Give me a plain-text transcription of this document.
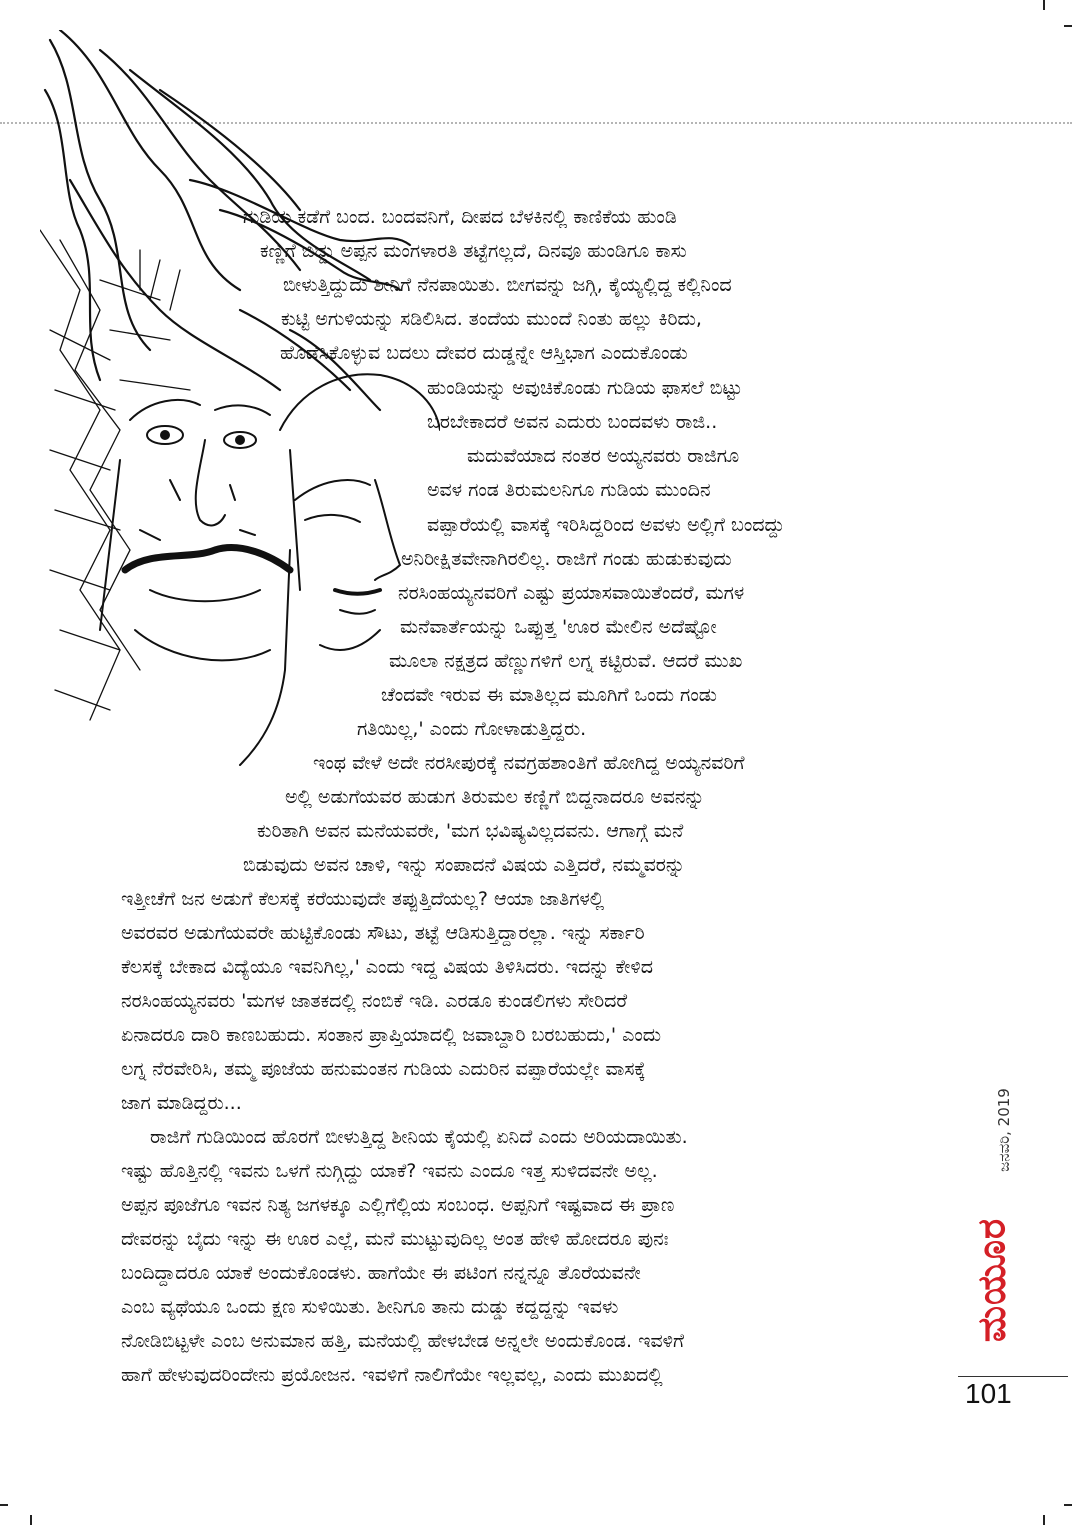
ಗುಡಿಯ ಕಡೆಗೆ ಬಂದ. ಬಂದವನಿಗೆ, ದೀಪದ ಬೆಳಕಿನಲ್ಲಿ ಕಾಣಿಕೆಯ ಹುಂಡಿ
ಕಣ್ಣಿಗೆ ಬಿದ್ದು ಅಪ್ಪನ ಮಂಗಳಾರತಿ ತಟ್ಟೆಗಲ್ಲದೆ, ದಿನವೂ ಹುಂಡಿಗೂ ಕಾಸು
ಬೀಳುತ್ತಿದ್ದುದು ಶೀನಿಗೆ ನೆನಪಾಯಿತು. ಬೀಗವನ್ನು ಜಗ್ಗಿ, ಕೈಯ್ಯಲ್ಲಿದ್ದ ಕಲ್ಲಿನಿಂದ
ಕುಟ್ಟಿ ಅಗುಳಿಯನ್ನು ಸಡಿಲಿಸಿದ. ತಂದೆಯ ಮುಂದೆ ನಿಂತು ಹಲ್ಲು ಕಿರಿದು,
ಹೊಡೆಸಿಕೊಳ್ಳುವ ಬದಲು ದೇವರ ದುಡ್ಡನ್ನೇ ಆಸ್ತಿಭಾಗ ಎಂದುಕೊಂಡು
ಹುಂಡಿಯನ್ನು ಅವುಚಿಕೊಂಡು ಗುಡಿಯ ಫಾಸಲೆ ಬಿಟ್ಟು
ಬರಬೇಕಾದರೆ ಅವನ ಎದುರು ಬಂದವಳು ರಾಜಿ..
ಮದುವೆಯಾದ ನಂತರ ಅಯ್ಯನವರು ರಾಜಿಗೂ
ಅವಳ ಗಂಡ ತಿರುಮಲನಿಗೂ ಗುಡಿಯ ಮುಂದಿನ
ವಪ್ಪಾರೆಯಲ್ಲಿ ವಾಸಕ್ಕೆ ಇರಿಸಿದ್ದರಿಂದ ಅವಳು ಅಲ್ಲಿಗೆ ಬಂದದ್ದು
ಅನಿರೀಕ್ಷಿತವೇನಾಗಿರಲಿಲ್ಲ. ರಾಜಿಗೆ ಗಂಡು ಹುಡುಕುವುದು
ನರಸಿಂಹಯ್ಯನವರಿಗೆ ಎಷ್ಟು ಪ್ರಯಾಸವಾಯಿತೆಂದರೆ, ಮಗಳ
ಮನೆವಾರ್ತೆಯನ್ನು ಒಪ್ಪುತ್ತ 'ಊರ ಮೇಲಿನ ಅದೆಷ್ಟೋ
ಮೂಲಾ ನಕ್ಷತ್ರದ ಹೆಣ್ಣುಗಳಿಗೆ ಲಗ್ನ ಕಟ್ಟಿರುವೆ. ಆದರೆ ಮುಖ
ಚೆಂದವೇ ಇರುವ ಈ ಮಾತಿಲ್ಲದ ಮೂಗಿಗೆ ಒಂದು ಗಂಡು
ಗತಿಯಿಲ್ಲ,' ಎಂದು ಗೋಳಾಡುತ್ತಿದ್ದರು.
ಇಂಥ ವೇಳೆ ಅದೇ ನರಸೀಪುರಕ್ಕೆ ನವಗ್ರಹಶಾಂತಿಗೆ ಹೋಗಿದ್ದ ಅಯ್ಯನವರಿಗೆ
ಅಲ್ಲಿ ಅಡುಗೆಯವರ ಹುಡುಗ ತಿರುಮಲ ಕಣ್ಣಿಗೆ ಬಿದ್ದನಾದರೂ ಅವನನ್ನು
ಕುರಿತಾಗಿ ಅವನ ಮನೆಯವರೇ, 'ಮಗ ಭವಿಷ್ಯವಿಲ್ಲದವನು. ಆಗಾಗ್ಗೆ ಮನೆ
ಬಿಡುವುದು ಅವನ ಚಾಳಿ, ಇನ್ನು ಸಂಪಾದನೆ ವಿಷಯ ಎತ್ತಿದರೆ, ನಮ್ಮವರನ್ನು
ಇತ್ತೀಚೆಗೆ ಜನ ಅಡುಗೆ ಕೆಲಸಕ್ಕೆ ಕರೆಯುವುದೇ ತಪ್ಪುತ್ತಿದೆಯಲ್ಲ? ಆಯಾ ಜಾತಿಗಳಲ್ಲಿ
ಅವರವರ ಅಡುಗೆಯವರೇ ಹುಟ್ಟಿಕೊಂಡು ಸೌಟು, ತಟ್ಟೆ ಆಡಿಸುತ್ತಿದ್ದಾರಲ್ಲಾ. ಇನ್ನು ಸರ್ಕಾರಿ
ಕೆಲಸಕ್ಕೆ ಬೇಕಾದ ವಿದ್ಯೆಯೂ ಇವನಿಗಿಲ್ಲ,' ಎಂದು ಇದ್ದ ವಿಷಯ ತಿಳಿಸಿದರು. ಇದನ್ನು ಕೇಳಿದ
ನರಸಿಂಹಯ್ಯನವರು 'ಮಗಳ ಜಾತಕದಲ್ಲಿ ನಂಬಿಕೆ ಇಡಿ. ಎರಡೂ ಕುಂಡಲಿಗಳು ಸೇರಿದರೆ
ಏನಾದರೂ ದಾರಿ ಕಾಣಬಹುದು. ಸಂತಾನ ಪ್ರಾಪ್ತಿಯಾದಲ್ಲಿ ಜವಾಬ್ದಾರಿ ಬರಬಹುದು,' ಎಂದು
ಲಗ್ನ ನೆರವೇರಿಸಿ, ತಮ್ಮ ಪೂಜೆಯ ಹನುಮಂತನ ಗುಡಿಯ ಎದುರಿನ ವಪ್ಪಾರೆಯಲ್ಲೇ ವಾಸಕ್ಕೆ
ಜಾಗ ಮಾಡಿದ್ದರು...
ರಾಜಿಗೆ ಗುಡಿಯಿಂದ ಹೊರಗೆ ಬೀಳುತ್ತಿದ್ದ ಶೀನಿಯ ಕೈಯಲ್ಲಿ ಏನಿದೆ ಎಂದು ಅರಿಯದಾಯಿತು.
ಇಷ್ಟು ಹೊತ್ತಿನಲ್ಲಿ ಇವನು ಒಳಗೆ ನುಗ್ಗಿದ್ದು ಯಾಕೆ? ಇವನು ಎಂದೂ ಇತ್ತ ಸುಳಿದವನೇ ಅಲ್ಲ.
ಅಪ್ಪನ ಪೂಜೆಗೂ ಇವನ ನಿತ್ಯ ಜಗಳಕ್ಕೂ ಎಲ್ಲಿಗೆಲ್ಲಿಯ ಸಂಬಂಧ. ಅಪ್ಪನಿಗೆ ಇಷ್ಟವಾದ ಈ ಪ್ರಾಣ
ದೇವರನ್ನು ಬೈದು ಇನ್ನು ಈ ಊರ ಎಲ್ಲೆ, ಮನೆ ಮುಟ್ಟುವುದಿಲ್ಲ ಅಂತ ಹೇಳಿ ಹೋದರೂ ಪುನಃ
ಬಂದಿದ್ದಾದರೂ ಯಾಕೆ ಅಂದುಕೊಂಡಳು. ಹಾಗೆಯೇ ಈ ಪಟಿಂಗ ನನ್ನನ್ನೂ ತೊರೆಯವನೇ
ಎಂಬ ವ್ಯಥೆಯೂ ಒಂದು ಕ್ಷಣ ಸುಳಿಯಿತು. ಶೀನಿಗೂ ತಾನು ದುಡ್ಡು ಕದ್ದದ್ದನ್ನು ಇವಳು
ನೋಡಿಬಿಟ್ಟಳೇ ಎಂಬ ಅನುಮಾನ ಹತ್ತಿ, ಮನೆಯಲ್ಲಿ ಹೇಳಬೇಡ ಅನ್ನಲೇ ಅಂದುಕೊಂಡ. ಇವಳಿಗೆ
ಹಾಗೆ ಹೇಳುವುದರಿಂದೇನು ಪ್ರಯೋಜನ. ಇವಳಿಗೆ ನಾಲಿಗೆಯೇ ಇಲ್ಲವಲ್ಲ, ಎಂದು ಮುಖದಲ್ಲಿ
ಜನವರಿ, 2019
ಮಯೂರ
101
